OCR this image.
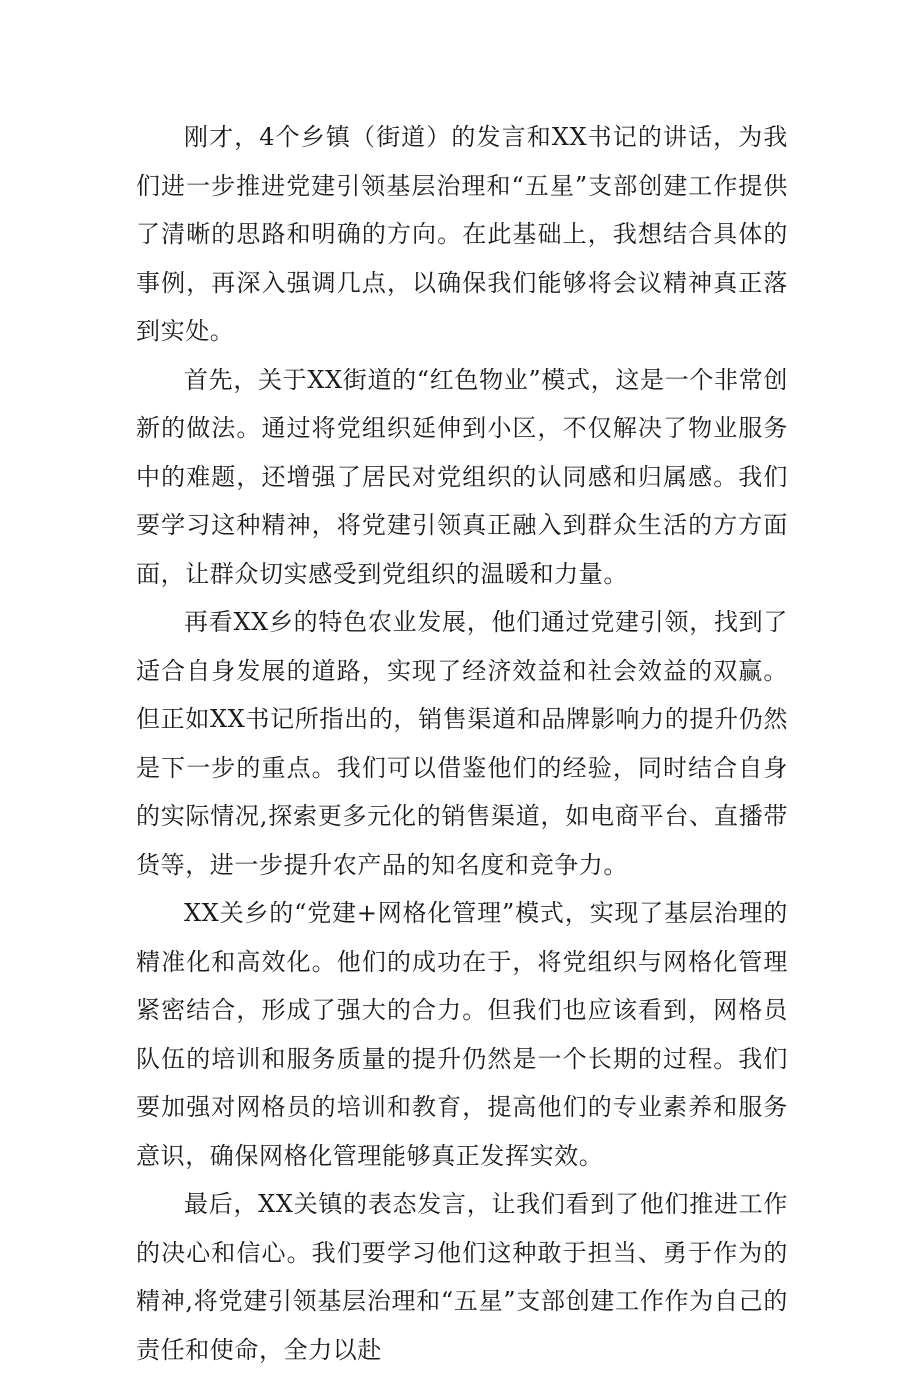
刚才，4个乡镇（街道）的发言和XX书记的讲话，为我们进一步推进党建引领基层治理和“五星”支部创建工作提供了清晰的思路和明确的方向。在此基础上，我想结合具体的事例，再深入强调几点，以确保我们能够将会议精神真正落到实处。

首先，关于XX街道的“红色物业”模式，这是一个非常创新的做法。通过将党组织延伸到小区，不仅解决了物业服务中的难题，还增强了居民对党组织的认同感和归属感。我们要学习这种精神，将党建引领真正融入到群众生活的方方面面，让群众切实感受到党组织的温暖和力量。

再看XX乡的特色农业发展，他们通过党建引领，找到了适合自身发展的道路，实现了经济效益和社会效益的双赢。但正如XX书记所指出的，销售渠道和品牌影响力的提升仍然是下一步的重点。我们可以借鉴他们的经验，同时结合自身的实际情况,探索更多元化的销售渠道，如电商平台、直播带货等，进一步提升农产品的知名度和竞争力。

XX关乡的“党建+网格化管理”模式，实现了基层治理的精准化和高效化。他们的成功在于，将党组织与网格化管理紧密结合，形成了强大的合力。但我们也应该看到，网格员队伍的培训和服务质量的提升仍然是一个长期的过程。我们要加强对网格员的培训和教育，提高他们的专业素养和服务意识，确保网格化管理能够真正发挥实效。

最后，XX关镇的表态发言，让我们看到了他们推进工作的决心和信心。我们要学习他们这种敢于担当、勇于作为的精神,将党建引领基层治理和“五星”支部创建工作作为自己的责任和使命，全力以赴
